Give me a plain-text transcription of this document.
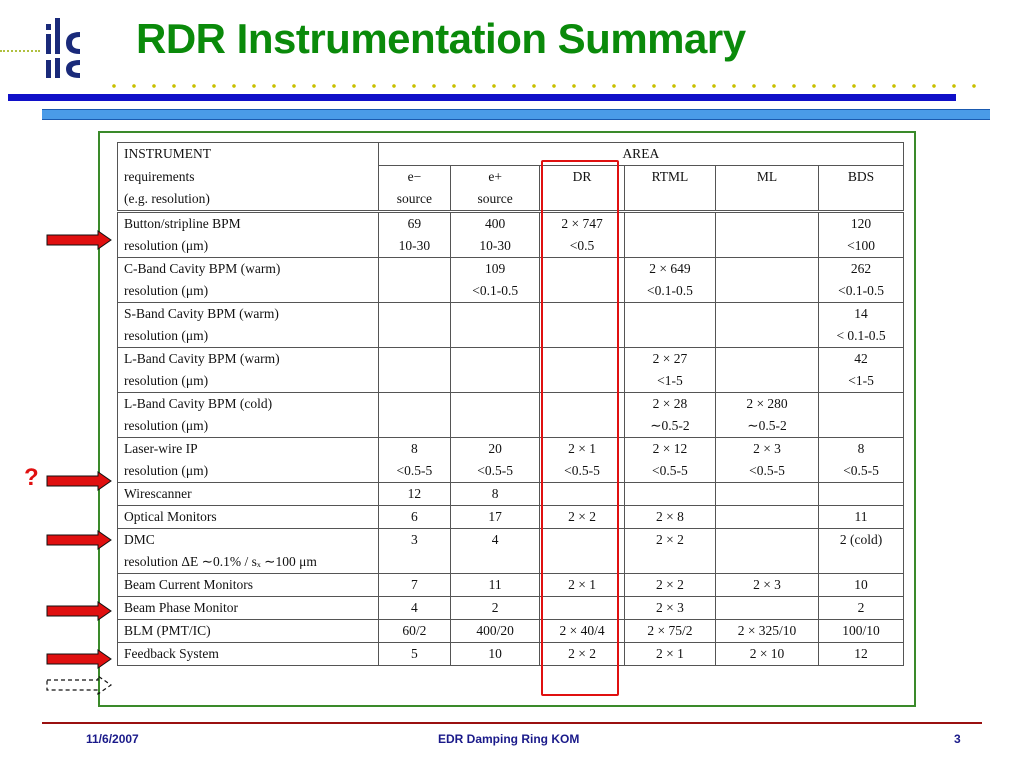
RDR Instrumentation Summary
INSTRUMENT	AREA					
requirements	e−	e+	DR	RTML	ML	BDS
(e.g. resolution)	source	source				
Button/stripline BPM	69	400	2 × 747			120
resolution (μm)	10-30	10-30	<0.5			<100
C-Band Cavity BPM (warm)		109		2 × 649		262
resolution (μm)		<0.1-0.5		<0.1-0.5		<0.1-0.5
S-Band Cavity BPM (warm)						14
resolution (μm)						< 0.1-0.5
L-Band Cavity BPM (warm)				2 × 27		42
resolution (μm)				<1-5		<1-5
L-Band Cavity BPM (cold)				2 × 28	2 × 280	
resolution (μm)				∼0.5-2	∼0.5-2	
Laser-wire IP	8	20	2 × 1	2 × 12	2 × 3	8
resolution (μm)	<0.5-5	<0.5-5	<0.5-5	<0.5-5	<0.5-5	<0.5-5
Wirescanner	12	8				
Optical Monitors	6	17	2 × 2	2 × 8		11
DMC	3	4		2 × 2		2 (cold)
resolution ΔE ∼0.1% / sₓ ∼100 μm						
Beam Current Monitors	7	11	2 × 1	2 × 2	2 × 3	10
Beam Phase Monitor	4	2		2 × 3		2
BLM (PMT/IC)	60/2	400/20	2 × 40/4	2 × 75/2	2 × 325/10	100/10
Feedback System	5	10	2 × 2	2 × 1	2 × 10	12
?
11/6/2007	EDR Damping Ring KOM	3
